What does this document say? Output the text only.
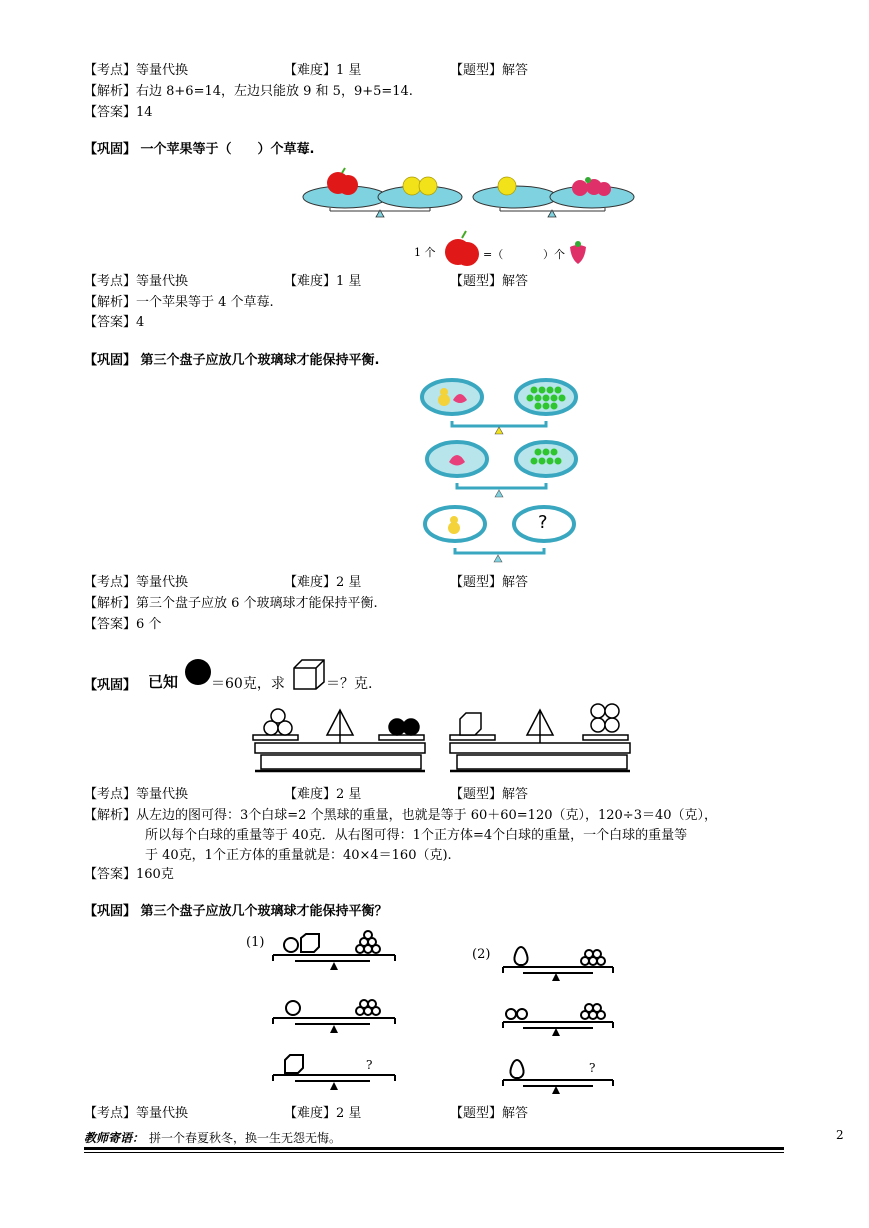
【考点】等量代换	【难度】1 星	【题型】解答
【解析】右边 8+6=14，左边只能放 9 和 5，9+5=14.
【答案】14
【巩固】 一个苹果等于（　　）个草莓.
1 个	=（	）个
【考点】等量代换	【难度】1 星	【题型】解答
【解析】一个苹果等于 4 个草莓.
【答案】4
【巩固】 第三个盘子应放几个玻璃球才能保持平衡.
?
【考点】等量代换	【难度】2 星	【题型】解答
【解析】第三个盘子应放 6 个玻璃球才能保持平衡.
【答案】6 个
【巩固】 已知 ＝60克，求	＝？克.
【考点】等量代换	【难度】2 星	【题型】解答
【解析】从左边的图可得：3个白球=2 个黑球的重量，也就是等于 60＋60=120（克），120÷3＝40（克），
所以每个白球的重量等于 40克．从右图可得：1个正方体=4个白球的重量，一个白球的重量等
于 40克，1个正方体的重量就是：40×4＝160（克).
【答案】160克
【巩固】 第三个盘子应放几个玻璃球才能保持平衡？
(1)
(2)
?	?
【考点】等量代换	【难度】2 星	【题型】解答
教师寄语： 拼一个春夏秋冬，换一生无怨无悔。	2
